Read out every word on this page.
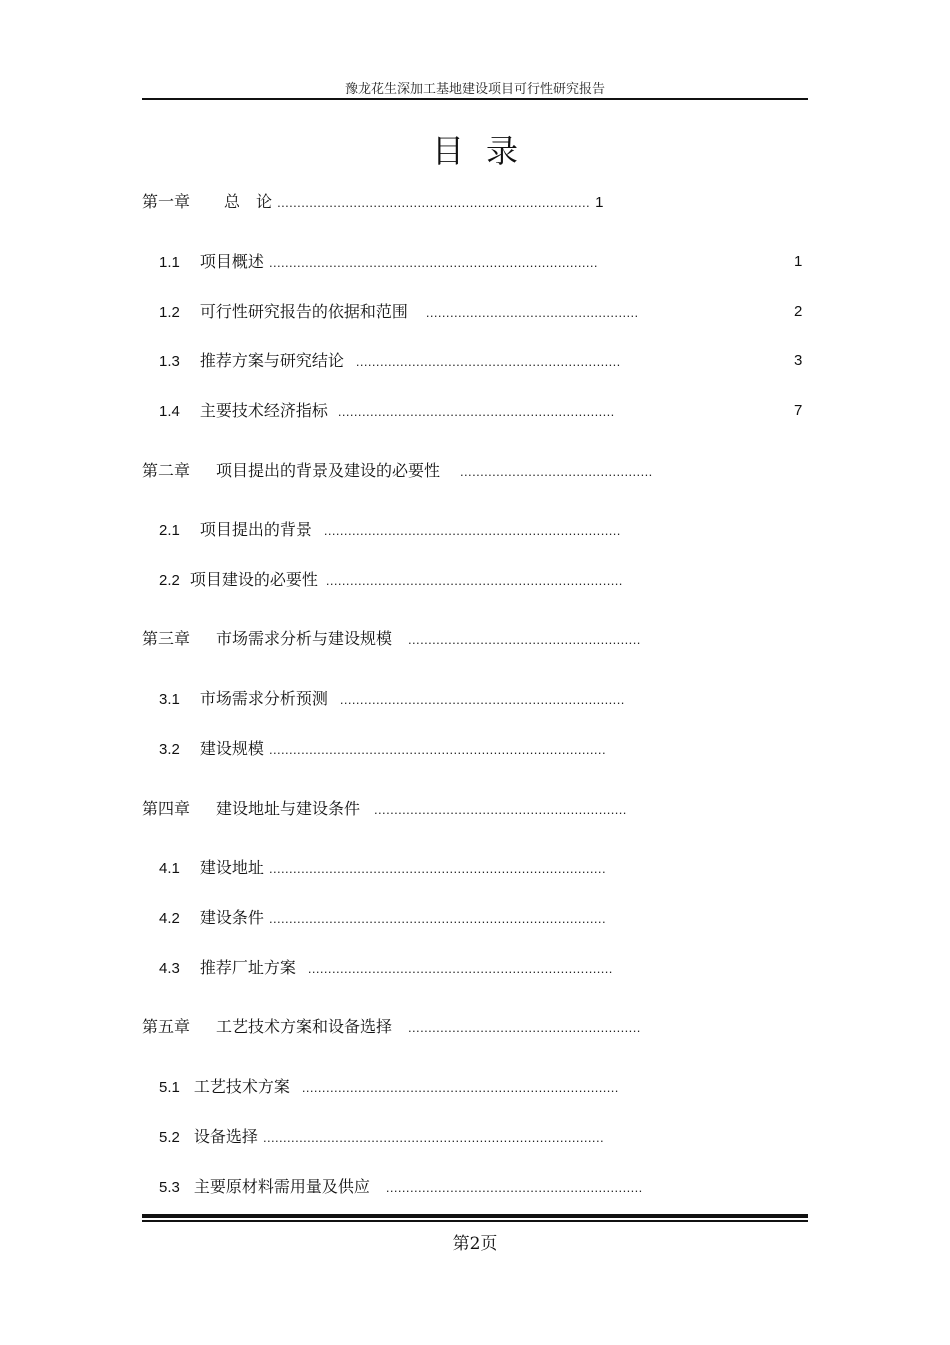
豫龙花生深加工基地建设项目可行性研究报告
目录
第一章 总　论 .............................................................................. 1
1.1 项目概述 ..................................................................................	1
1.2 可行性研究报告的依据和范围 .....................................................	2
1.3 推荐方案与研究结论 ..................................................................	3
1.4 主要技术经济指标 .....................................................................	7
第二章 项目提出的背景及建设的必要性 ................................................
2.1 项目提出的背景 ..........................................................................
2.2 项目建设的必要性 ..........................................................................
第三章 市场需求分析与建设规模 ..........................................................
3.1 市场需求分析预测 .......................................................................
3.2 建设规模 ....................................................................................
第四章 建设地址与建设条件 ...............................................................
4.1 建设地址 ....................................................................................
4.2 建设条件 ....................................................................................
4.3 推荐厂址方案 ............................................................................
第五章 工艺技术方案和设备选择 ..........................................................
5.1 工艺技术方案 ...............................................................................
5.2 设备选择 .....................................................................................
5.3 主要原材料需用量及供应 ................................................................
第2页
